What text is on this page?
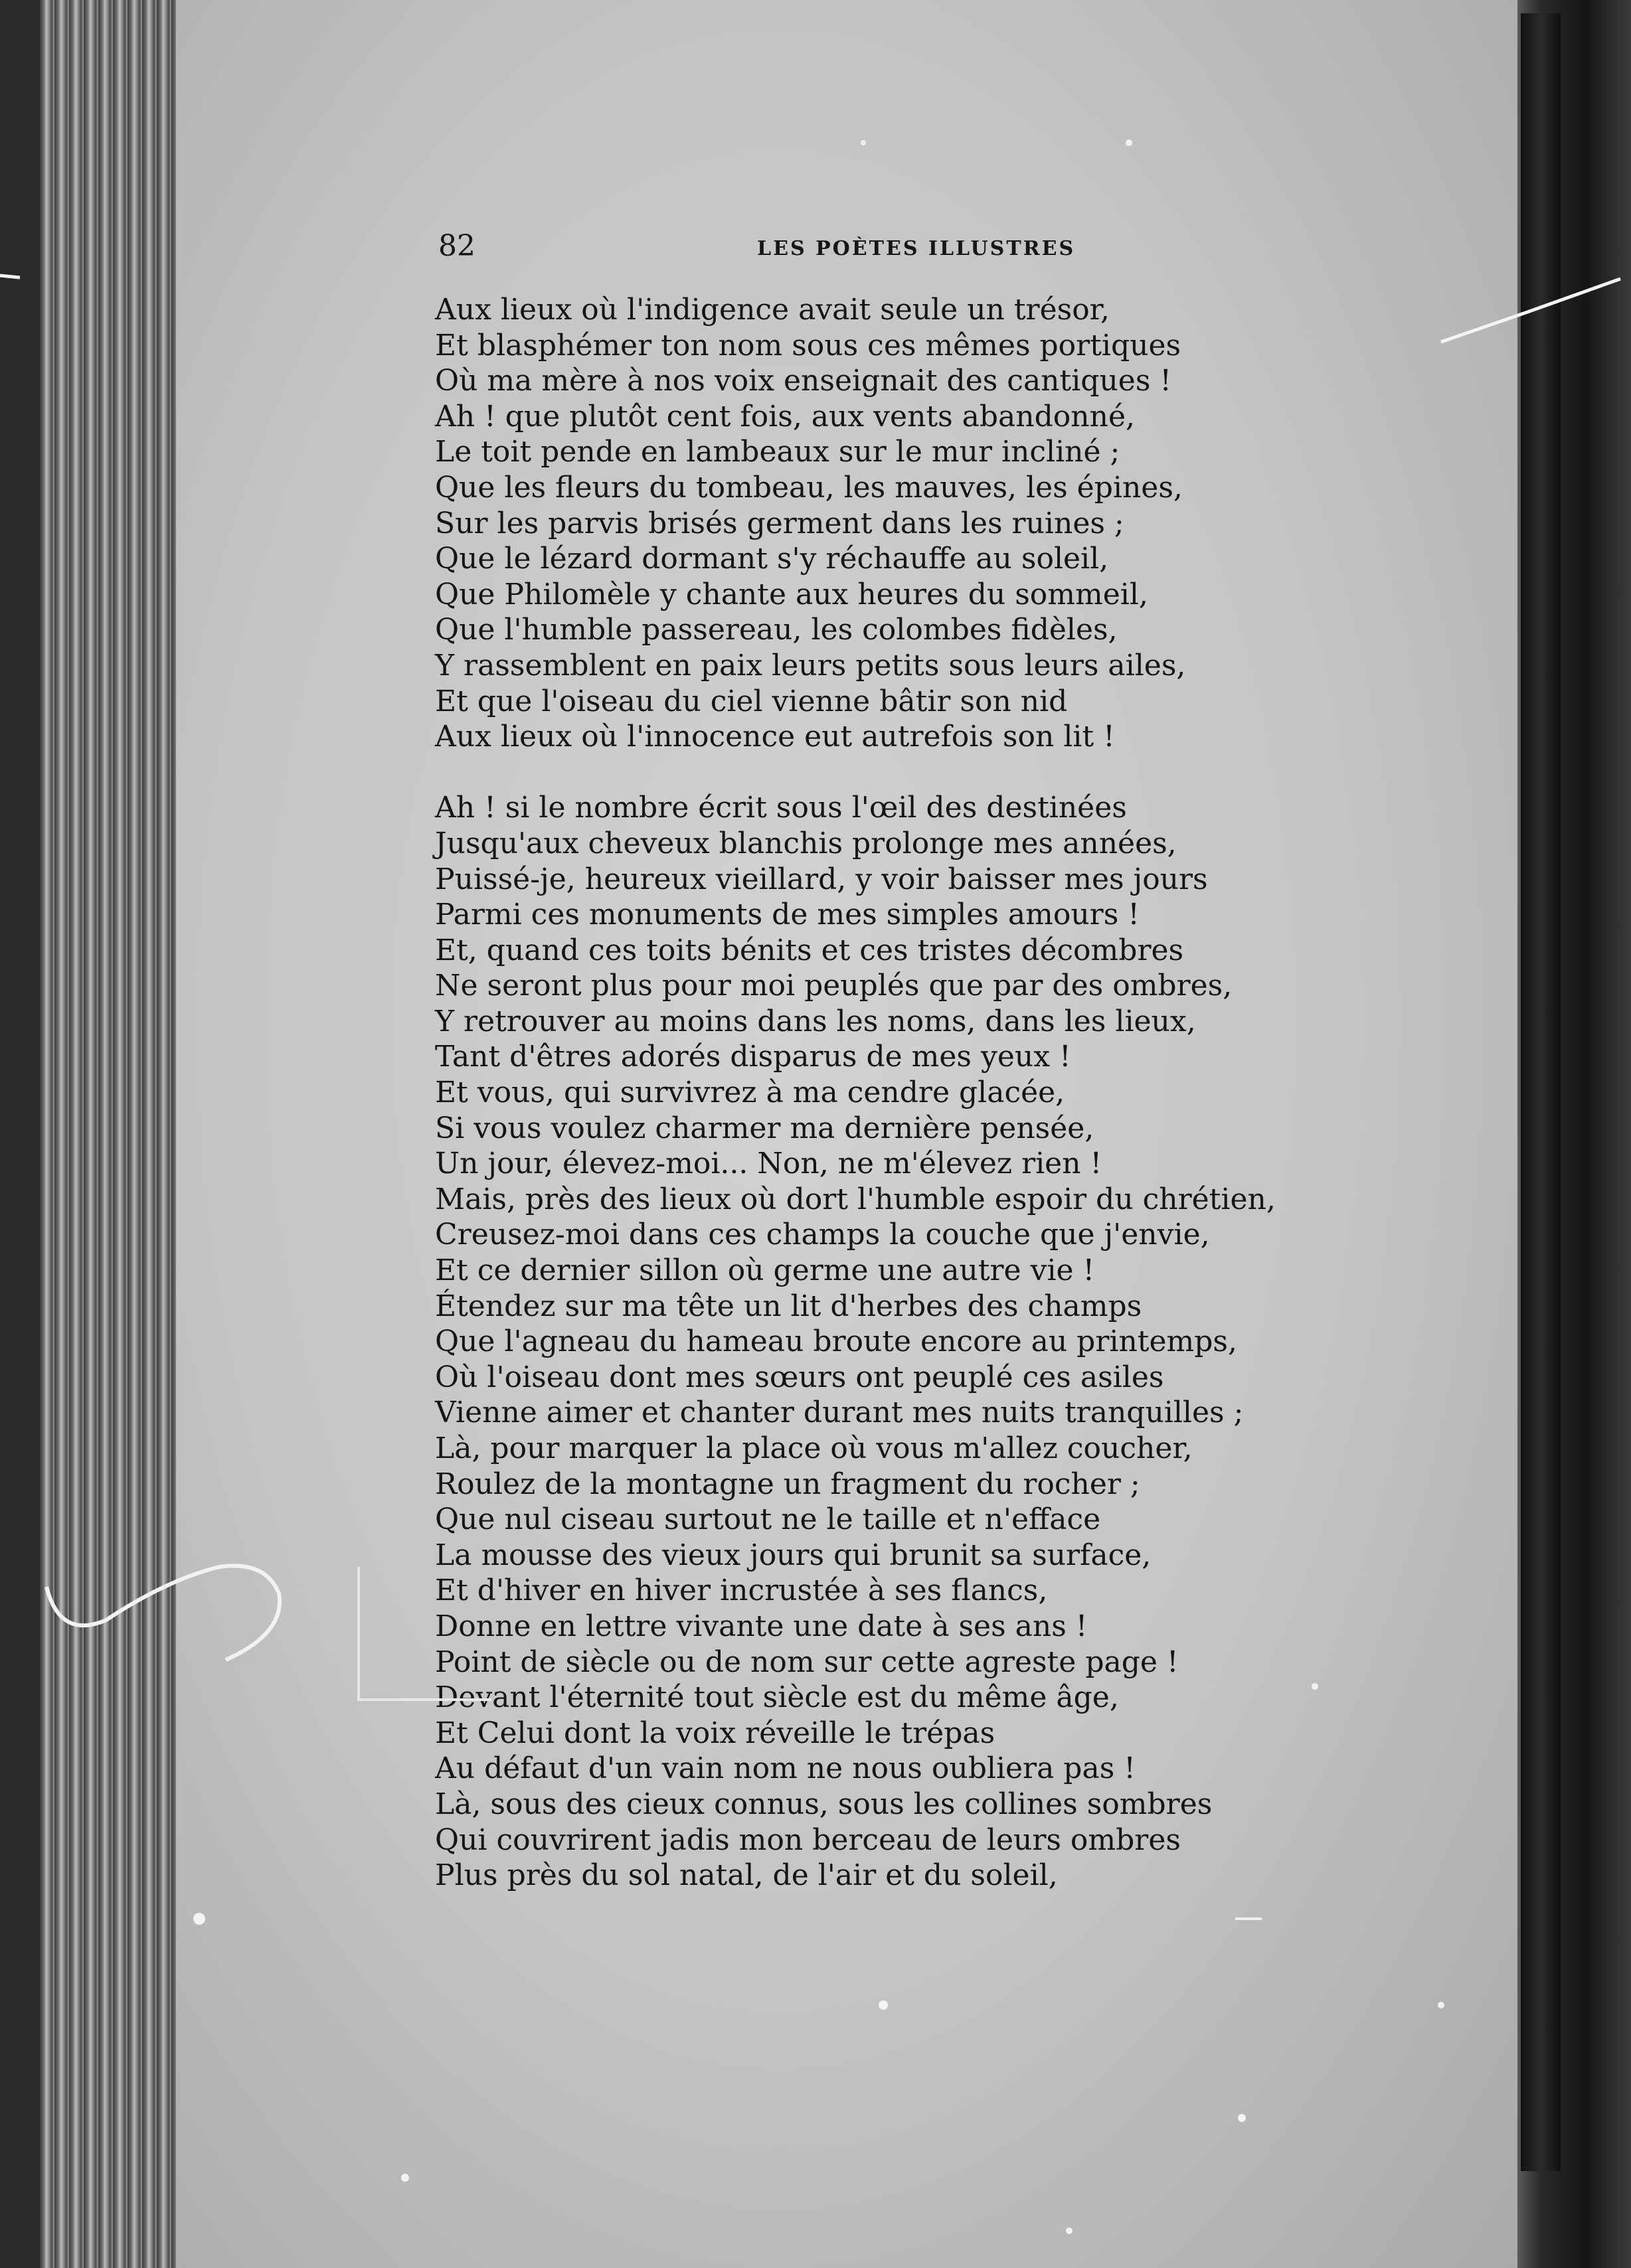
82	LES POÈTES ILLUSTRES
Aux lieux où l'indigence avait seule un trésor,
Et blasphémer ton nom sous ces mêmes portiques
Où ma mère à nos voix enseignait des cantiques !
Ah ! que plutôt cent fois, aux vents abandonné,
Le toit pende en lambeaux sur le mur incliné ;
Que les fleurs du tombeau, les mauves, les épines,
Sur les parvis brisés germent dans les ruines ;
Que le lézard dormant s'y réchauffe au soleil,
Que Philomèle y chante aux heures du sommeil,
Que l'humble passereau, les colombes fidèles,
Y rassemblent en paix leurs petits sous leurs ailes,
Et que l'oiseau du ciel vienne bâtir son nid
Aux lieux où l'innocence eut autrefois son lit !
Ah ! si le nombre écrit sous l'œil des destinées
Jusqu'aux cheveux blanchis prolonge mes années,
Puissé-je, heureux vieillard, y voir baisser mes jours
Parmi ces monuments de mes simples amours !
Et, quand ces toits bénits et ces tristes décombres
Ne seront plus pour moi peuplés que par des ombres,
Y retrouver au moins dans les noms, dans les lieux,
Tant d'êtres adorés disparus de mes yeux !
Et vous, qui survivrez à ma cendre glacée,
Si vous voulez charmer ma dernière pensée,
Un jour, élevez-moi... Non, ne m'élevez rien !
Mais, près des lieux où dort l'humble espoir du chrétien,
Creusez-moi dans ces champs la couche que j'envie,
Et ce dernier sillon où germe une autre vie !
Étendez sur ma tête un lit d'herbes des champs
Que l'agneau du hameau broute encore au printemps,
Où l'oiseau dont mes sœurs ont peuplé ces asiles
Vienne aimer et chanter durant mes nuits tranquilles ;
Là, pour marquer la place où vous m'allez coucher,
Roulez de la montagne un fragment du rocher ;
Que nul ciseau surtout ne le taille et n'efface
La mousse des vieux jours qui brunit sa surface,
Et d'hiver en hiver incrustée à ses flancs,
Donne en lettre vivante une date à ses ans !
Point de siècle ou de nom sur cette agreste page !
Devant l'éternité tout siècle est du même âge,
Et Celui dont la voix réveille le trépas
Au défaut d'un vain nom ne nous oubliera pas !
Là, sous des cieux connus, sous les collines sombres
Qui couvrirent jadis mon berceau de leurs ombres
Plus près du sol natal, de l'air et du soleil,
